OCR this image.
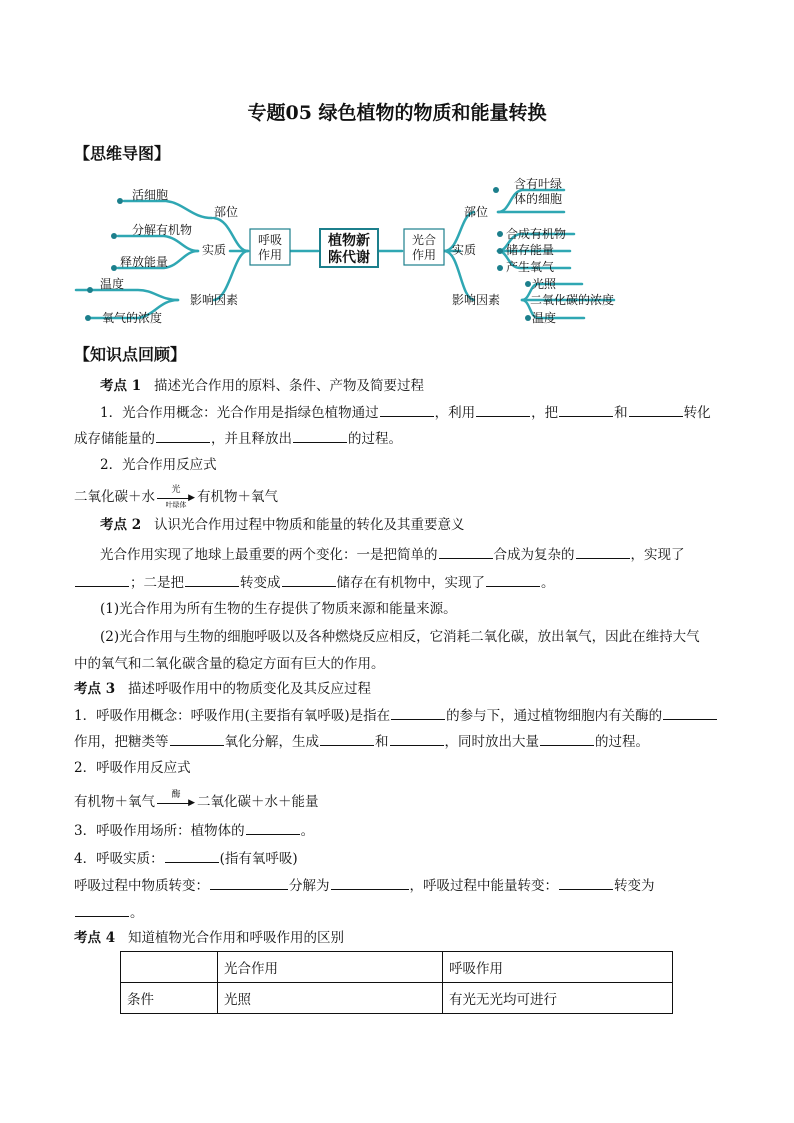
专题05 绿色植物的物质和能量转换
【思维导图】
植物新
陈代谢
呼吸
作用
光合
作用
部位
活细胞
实质
分解有机物
释放能量
影响因素
温度
氧气的浓度
部位
含有叶绿
体的细胞
实质
合成有机物
储存能量
产生氧气
影响因素
光照
二氧化碳的浓度
温度
【知识点回顾】
考点 1 描述光合作用的原料、条件、产物及简要过程
1．光合作用概念：光合作用是指绿色植物通过	，利用	，把	和	转化
成存储能量的	，并且释放出	的过程。
2．光合作用反应式
二氧化碳＋水	光
▶
叶绿体 有机物＋氧气
考点 2 认识光合作用过程中物质和能量的转化及其重要意义
光合作用实现了地球上最重要的两个变化：一是把简单的	合成为复杂的	，实现了
；二是把	转变成	储存在有机物中，实现了	。
(1)光合作用为所有生物的生存提供了物质来源和能量来源。
(2)光合作用与生物的细胞呼吸以及各种燃烧反应相反，它消耗二氧化碳，放出氧气，因此在维持大气
中的氧气和二氧化碳含量的稳定方面有巨大的作用。
考点 3 描述呼吸作用中的物质变化及其反应过程
1．呼吸作用概念：呼吸作用(主要指有氧呼吸)是指在	的参与下，通过植物细胞内有关酶的
作用，把糖类等	氧化分解，生成	和	，同时放出大量	的过程。
2．呼吸作用反应式
有机物＋氧气	酶
▶ 二氧化碳＋水＋能量
3．呼吸作用场所：植物体的	。
4．呼吸实质：	(指有氧呼吸)
呼吸过程中物质转变：	分解为	，呼吸过程中能量转变：	转变为
。
考点 4 知道植物光合作用和呼吸作用的区别
	光合作用	呼吸作用
条件	光照	有光无光均可进行
